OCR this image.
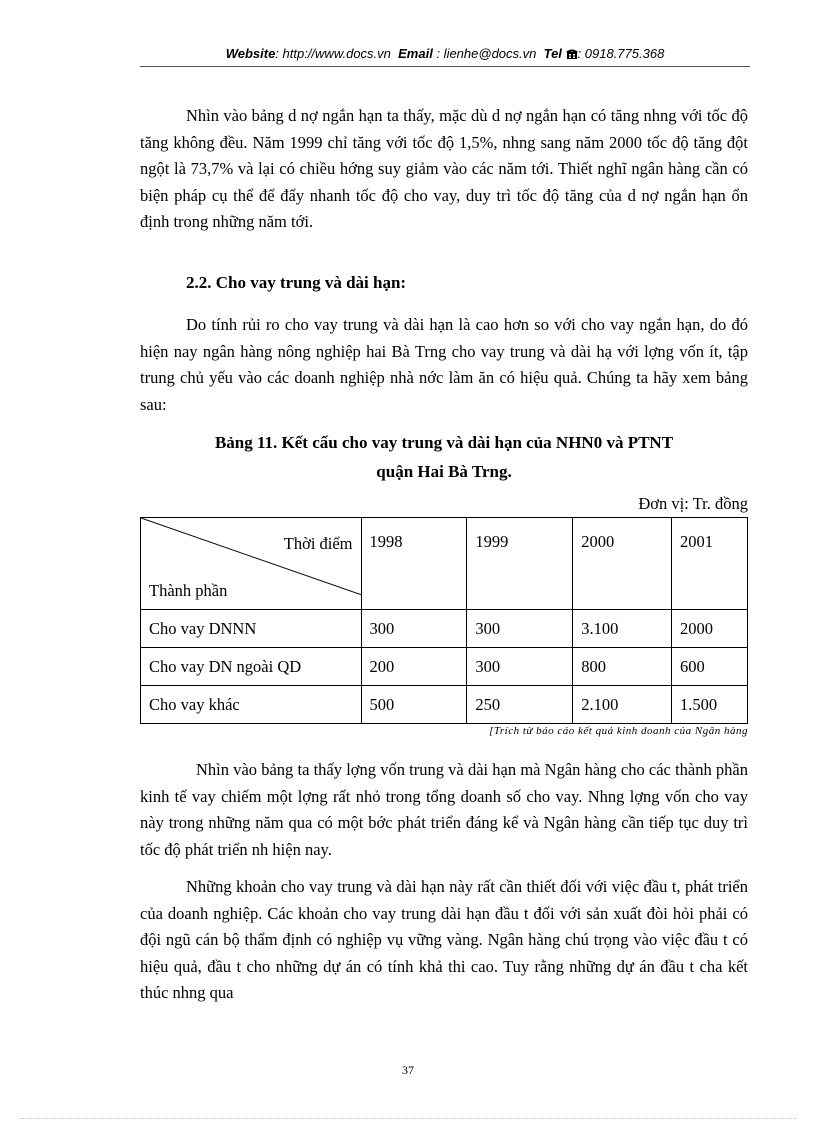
Website: http://www.docs.vn Email : lienhe@docs.vn Tel : 0918.775.368

Nhìn vào bảng d nợ ngắn hạn ta thấy, mặc dù d nợ ngắn hạn có tăng nhng với tốc độ tăng không đều. Năm 1999 chỉ tăng với tốc độ 1,5%, nhng sang năm 2000 tốc độ tăng đột ngột là 73,7% và lại có chiều hớng suy giảm vào các năm tới. Thiết nghĩ ngân hàng cần có biện pháp cụ thể để đẩy nhanh tốc độ cho vay, duy trì tốc độ tăng của d nợ ngắn hạn ổn định trong những năm tới.

2.2. Cho vay trung và dài hạn:

Do tính rủi ro cho vay trung và dài hạn là cao hơn so với cho vay ngắn hạn, do đó hiện nay ngân hàng nông nghiệp hai Bà Trng cho vay trung và dài hạ với lợng vốn ít, tập trung chủ yếu vào các doanh nghiệp nhà nớc làm ăn có hiệu quả. Chúng ta hãy xem bảng sau:

Bảng 11. Kết cấu cho vay trung và dài hạn của NHN0 và PTNT
quận Hai Bà Trng.
Đơn vị: Tr. đồng
Thời điểm
Thành phần	1998	1999	2000	2001
Cho vay DNNN	300	300	3.100	2000
Cho vay DN ngoài QD	200	300	800	600
Cho vay khác	500	250	2.100	1.500
[Trích từ báo cáo kết quả kinh doanh của Ngân hàng

Nhìn vào bảng ta thấy lợng vốn trung và dài hạn mà Ngân hàng cho các thành phần kinh tế vay chiếm một lợng rất nhỏ trong tổng doanh số cho vay. Nhng lợng vốn cho vay này trong những năm qua có một bớc phát triển đáng kể và Ngân hàng cần tiếp tục duy trì tốc độ phát triển nh hiện nay.

Những khoản cho vay trung và dài hạn này rất cần thiết đối với việc đầu t, phát triển của doanh nghiệp. Các khoản cho vay trung dài hạn đầu t đối với sản xuất đòi hỏi phải có đội ngũ cán bộ thẩm định có nghiệp vụ vững vàng. Ngân hàng chú trọng vào việc đầu t có hiệu quả, đầu t cho những dự án có tính khả thi cao. Tuy rằng những dự án đầu t cha kết thúc nhng qua

37
